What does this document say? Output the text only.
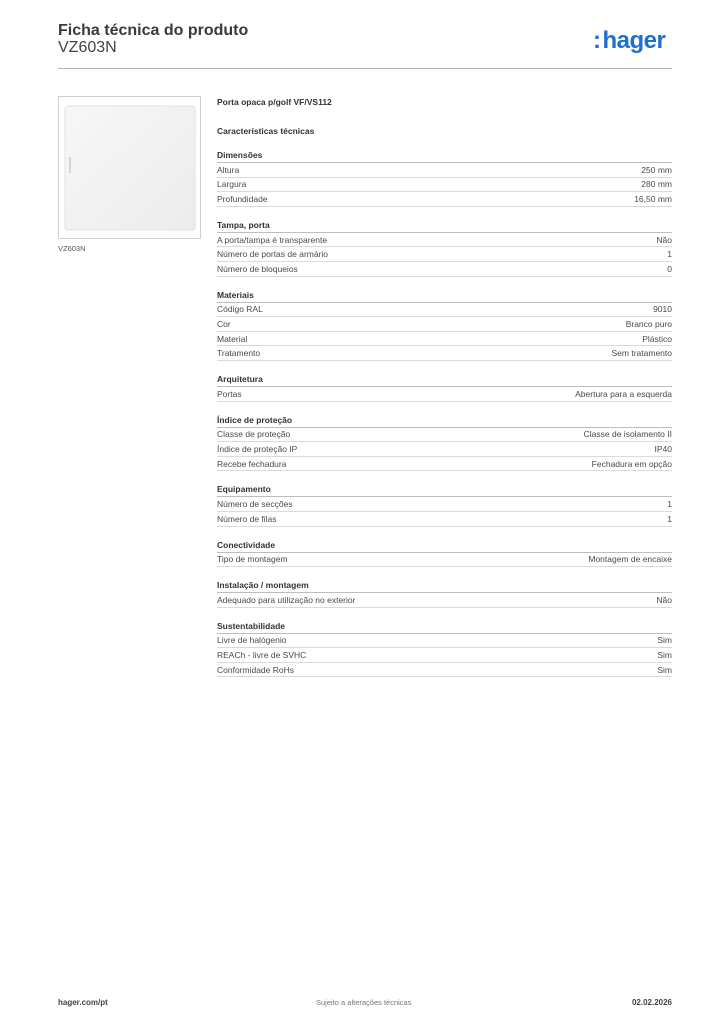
Ficha técnica do produto
VZ603N	:hager
VZ603N
Porta opaca p/golf VF/VS112
Características técnicas
Dimensões
Altura	250 mm
Largura	280 mm
Profundidade	16,50 mm
Tampa, porta
A porta/tampa é transparente	Não
Número de portas de armário	1
Número de bloqueios	0
Materiais
Código RAL	9010
Cor	Branco puro
Material	Plástico
Tratamento	Sem tratamento
Arquitetura
Portas	Abertura para a esquerda
Índice de proteção
Classe de proteção	Classe de isolamento II
Índice de proteção IP	IP40
Recebe fechadura	Fechadura em opção
Equipamento
Número de secções	1
Número de filas	1
Conectividade
Tipo de montagem	Montagem de encaixe
Instalação / montagem
Adequado para utilização no exterior	Não
Sustentabilidade
Livre de halógenio	Sim
REACh - livre de SVHC	Sim
Conformidade RoHs	Sim
hager.com/pt	Sujeito a alterações técnicas	02.02.2026
